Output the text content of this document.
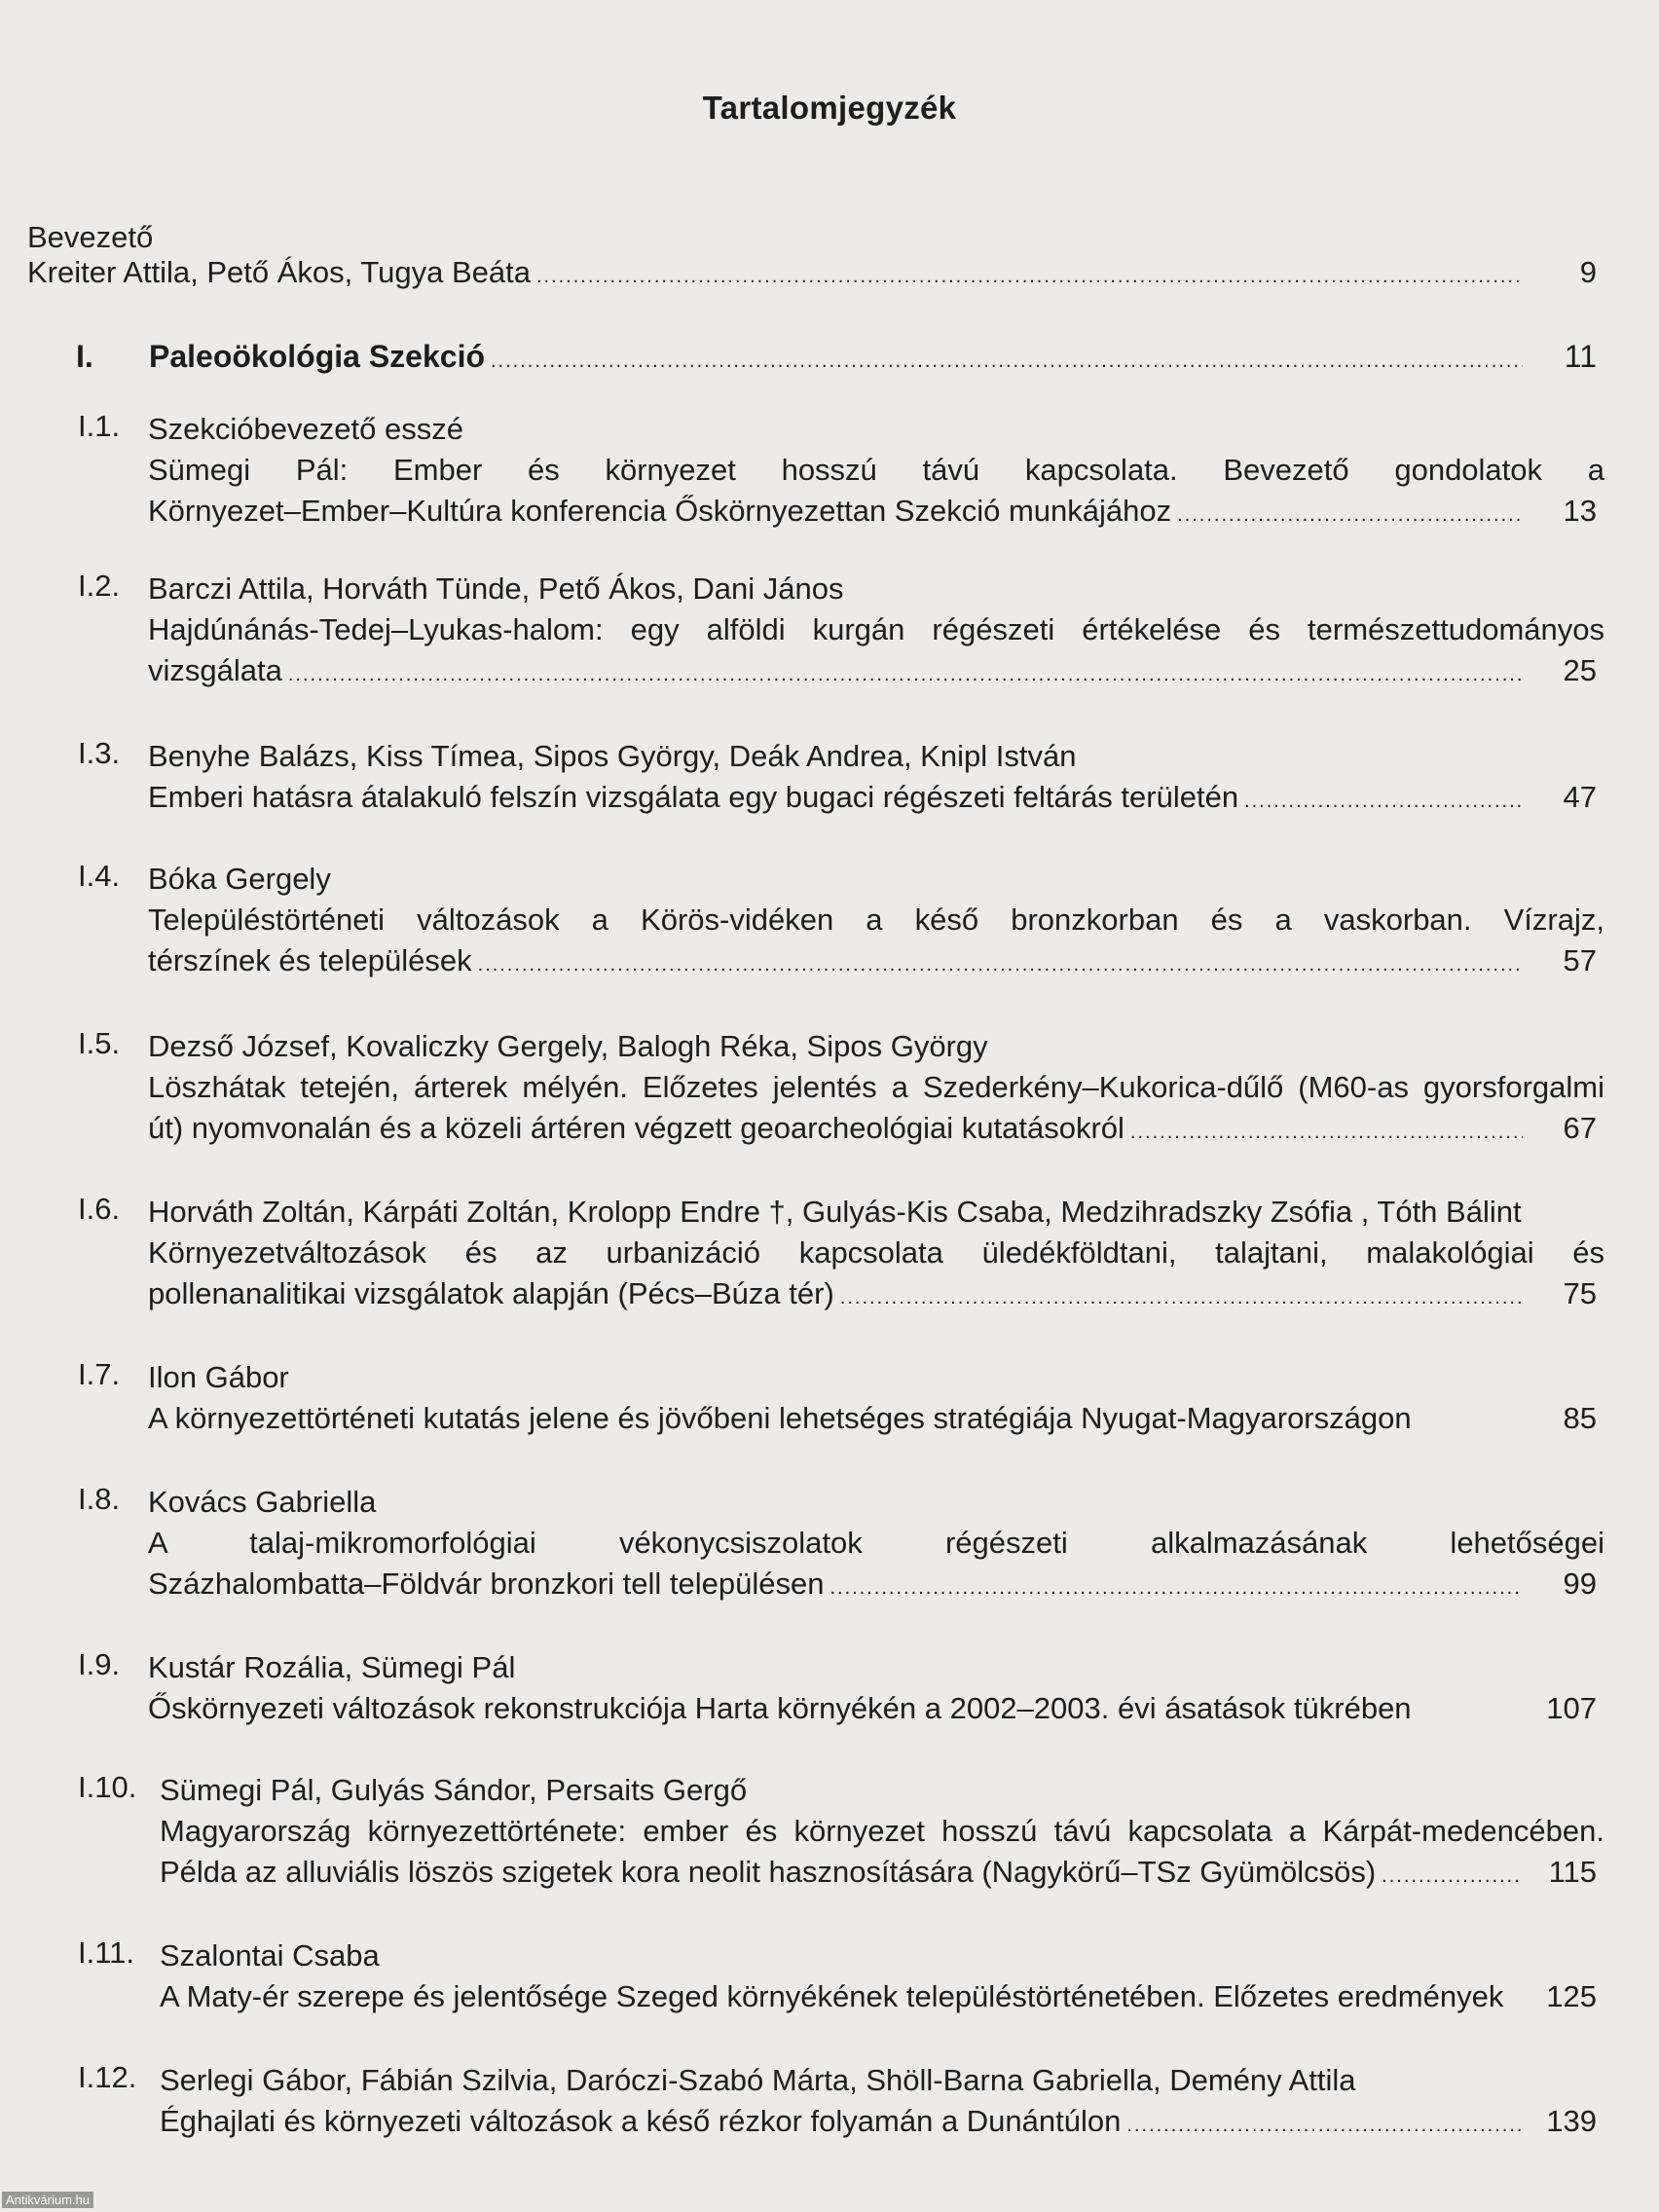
Tartalomjegyzék
Bevezető
Kreiter Attila, Pető Ákos, Tugya Beáta .....	9
I.	Paleoökológia Szekció .....	11
I.1. Szekcióbevezető esszé
Sümegi Pál: Ember és környezet hosszú távú kapcsolata. Bevezető gondolatok a
Környezet–Ember–Kultúra konferencia Őskörnyezettan Szekció munkájához .....	13
I.2. Barczi Attila, Horváth Tünde, Pető Ákos, Dani János
Hajdúnánás-Tedej–Lyukas-halom: egy alföldi kurgán régészeti értékelése és természettudományos
vizsgálata .....	25
I.3. Benyhe Balázs, Kiss Tímea, Sipos György, Deák Andrea, Knipl István
Emberi hatásra átalakuló felszín vizsgálata egy bugaci régészeti feltárás területén .....	47
I.4. Bóka Gergely
Településtörténeti változások a Körös-vidéken a késő bronzkorban és a vaskorban. Vízrajz,
térszínek és települések .....	57
I.5. Dezső József, Kovaliczky Gergely, Balogh Réka, Sipos György
Löszhátak tetején, árterek mélyén. Előzetes jelentés a Szederkény–Kukorica-dűlő (M60-as gyorsforgalmi
út) nyomvonalán és a közeli ártéren végzett geoarcheológiai kutatásokról .....	67
I.6. Horváth Zoltán, Kárpáti Zoltán, Krolopp Endre †, Gulyás-Kis Csaba, Medzihradszky Zsófia , Tóth Bálint
Környezetváltozások és az urbanizáció kapcsolata üledékföldtani, talajtani, malakológiai és
pollenanalitikai vizsgálatok alapján (Pécs–Búza tér) .....	75
I.7. Ilon Gábor
A környezettörténeti kutatás jelene és jövőbeni lehetséges stratégiája Nyugat-Magyarországon	85
I.8. Kovács Gabriella
A talaj-mikromorfológiai vékonycsiszolatok régészeti alkalmazásának lehetőségei
Százhalombatta–Földvár bronzkori tell településen .....	99
I.9. Kustár Rozália, Sümegi Pál
Őskörnyezeti változások rekonstrukciója Harta környékén a 2002–2003. évi ásatások tükrében	107
I.10. Sümegi Pál, Gulyás Sándor, Persaits Gergő
Magyarország környezettörténete: ember és környezet hosszú távú kapcsolata a Kárpát-medencében.
Példa az alluviális löszös szigetek kora neolit hasznosítására (Nagykörű–TSz Gyümölcsös) .....	115
I.11. Szalontai Csaba
A Maty-ér szerepe és jelentősége Szeged környékének településtörténetében. Előzetes eredmények	125
I.12. Serlegi Gábor, Fábián Szilvia, Daróczi-Szabó Márta, Shöll-Barna Gabriella, Demény Attila
Éghajlati és környezeti változások a késő rézkor folyamán a Dunántúlon .....	139
Antikvárium.hu
